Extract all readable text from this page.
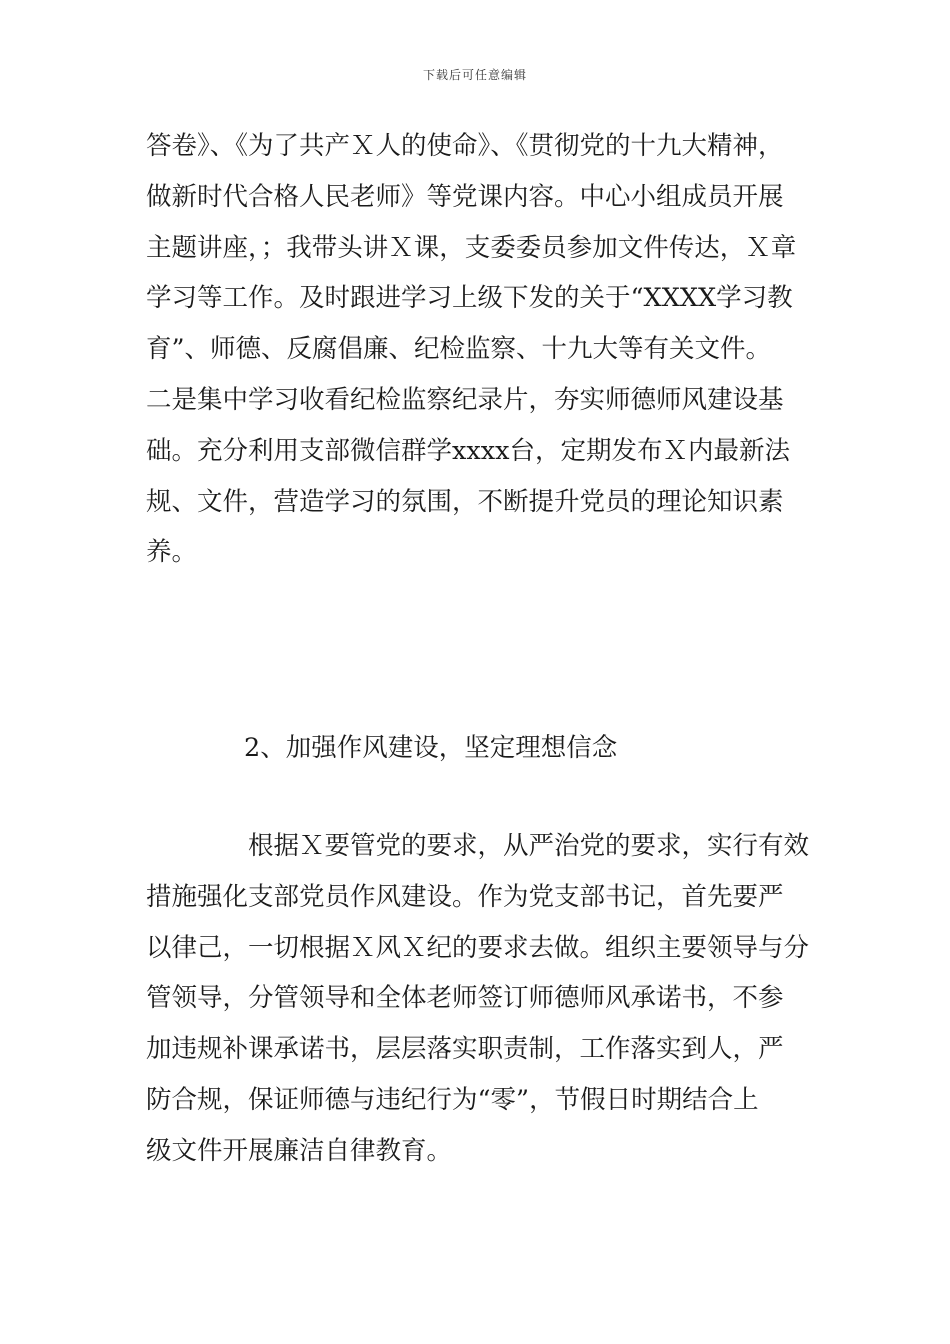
下载后可任意编辑
答卷》、《为了共产Ｘ人的使命》、《贯彻党的十九大精神，
做新时代合格人民老师》等党课内容。中心小组成员开展
主题讲座，；我带头讲Ｘ课，支委委员参加文件传达，Ｘ章
学习等工作。及时跟进学习上级下发的关于“XXXX学习教
育”、师德、反腐倡廉、纪检监察、十九大等有关文件。
二是集中学习收看纪检监察纪录片，夯实师德师风建设基
础。充分利用支部微信群学xxxx台，定期发布Ｘ内最新法
规、文件，营造学习的氛围，不断提升党员的理论知识素
养。
2、加强作风建设，坚定理想信念
根据Ｘ要管党的要求，从严治党的要求，实行有效
措施强化支部党员作风建设。作为党支部书记，首先要严
以律己，一切根据Ｘ风Ｘ纪的要求去做。组织主要领导与分
管领导，分管领导和全体老师签订师德师风承诺书，不参
加违规补课承诺书，层层落实职责制，工作落实到人，严
防合规，保证师德与违纪行为“零”，节假日时期结合上
级文件开展廉洁自律教育。
